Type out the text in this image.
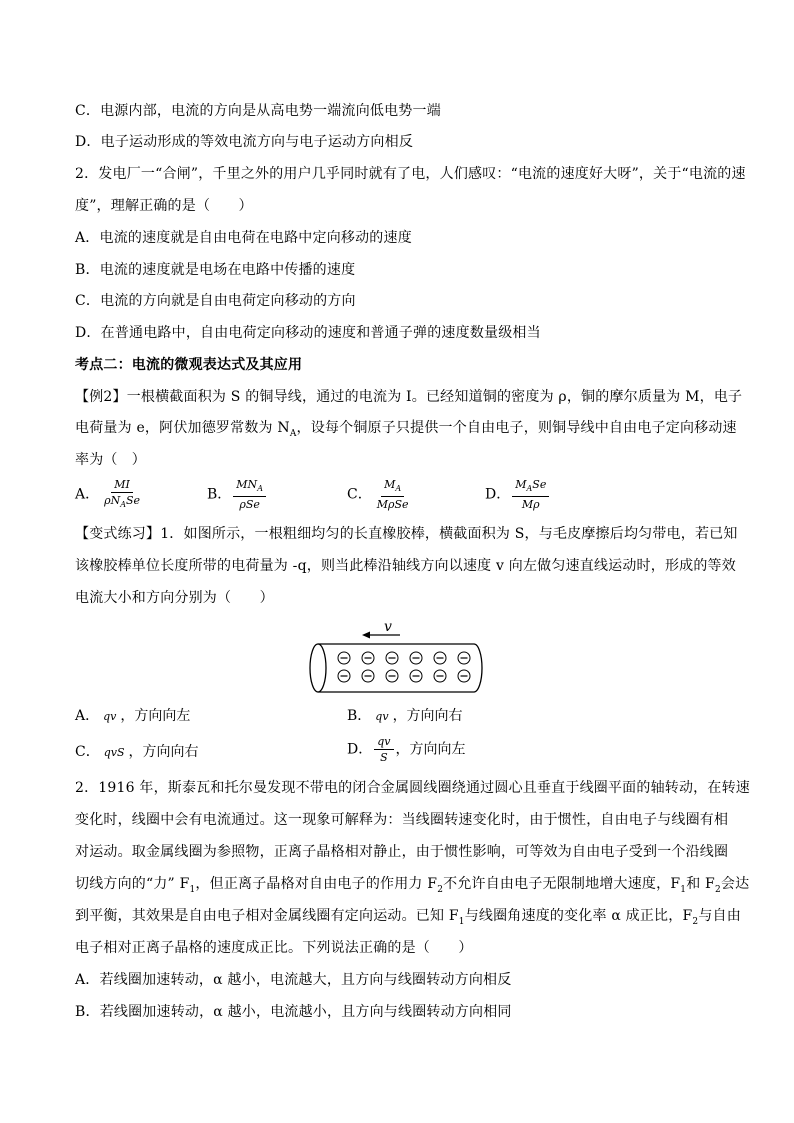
C．电源内部，电流的方向是从高电势一端流向低电势一端
D．电子运动形成的等效电流方向与电子运动方向相反
2．发电厂一“合闸”，千里之外的用户几乎同时就有了电，人们感叹：“电流的速度好大呀”，关于“电流的速
度”，理解正确的是（　　）
A．电流的速度就是自由电荷在电路中定向移动的速度
B．电流的速度就是电场在电路中传播的速度
C．电流的方向就是自由电荷定向移动的方向
D．在普通电路中，自由电荷定向移动的速度和普通子弹的速度数量级相当
考点二：电流的微观表达式及其应用
【例2】一根横截面积为 S 的铜导线，通过的电流为 I。已经知道铜的密度为 ρ，铜的摩尔质量为 M，电子
电荷量为 e，阿伏加德罗常数为 $N_A$，设每个铜原子只提供一个自由电子，则铜导线中自由电子定向移动速
率为（　）
A． $\frac{MI}{\rho N_ASe}$	B． $\frac{MN_A}{\text{ρSe}}$	C． $\frac{M_A}{\text{MρSe}}$	D． $\frac{M_ASe}{M\rho}$
【变式练习】1．如图所示，一根粗细均匀的长直橡胶棒，横截面积为 S，与毛皮摩擦后均匀带电，若已知
该橡胶棒单位长度所带的电荷量为 -q，则当此棒沿轴线方向以速度 v 向左做匀速直线运动时，形成的等效
电流大小和方向分别为（　　）
v
A． qv ，方向向左	B． qv ，方向向右
C． qvS ，方向向右	D． $\frac{qv}{S}$ ，方向向左
2．1916 年，斯泰瓦和托尔曼发现不带电的闭合金属圆线圈绕通过圆心且垂直于线圈平面的轴转动，在转速
变化时，线圈中会有电流通过。这一现象可解释为：当线圈转速变化时，由于惯性，自由电子与线圈有相
对运动。取金属线圈为参照物，正离子晶格相对静止，由于惯性影响，可等效为自由电子受到一个沿线圈
切线方向的“力” $F_1$，但正离子晶格对自由电子的作用力 $F_2$不允许自由电子无限制地增大速度，$F_1$和 $F_2$会达
到平衡，其效果是自由电子相对金属线圈有定向运动。已知 $F_1$与线圈角速度的变化率 α 成正比，$F_2$与自由
电子相对正离子晶格的速度成正比。下列说法正确的是（　　）
A．若线圈加速转动，α 越小，电流越大，且方向与线圈转动方向相反
B．若线圈加速转动，α 越小，电流越小，且方向与线圈转动方向相同
